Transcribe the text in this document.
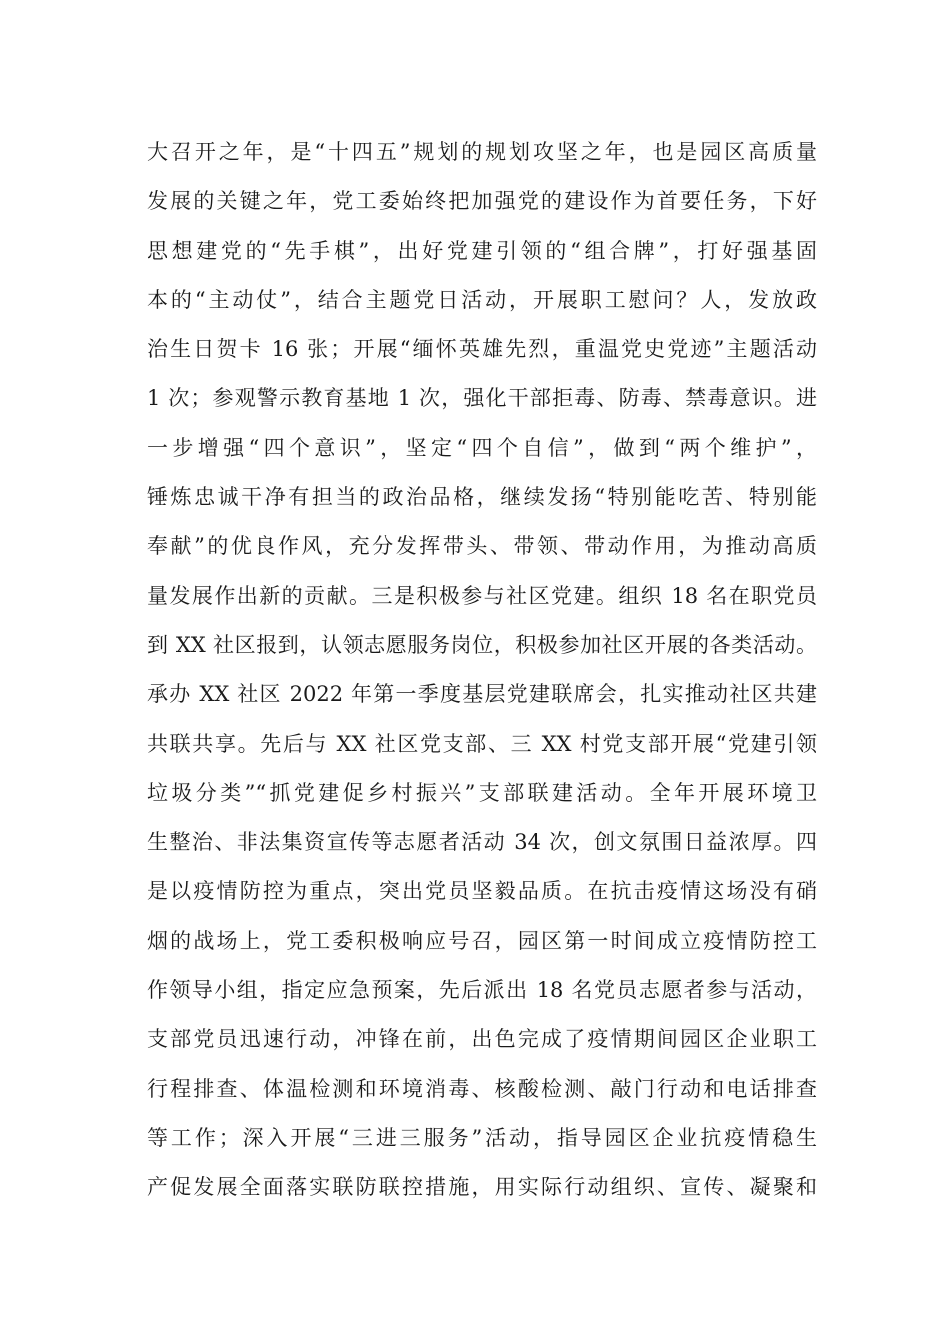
大召开之年，是“十四五”规划的规划攻坚之年，也是园区高质量
发展的关键之年，党工委始终把加强党的建设作为首要任务，下好
思想建党的“先手棋”，出好党建引领的“组合牌”，打好强基固
本的“主动仗”，结合主题党日活动，开展职工慰问？人，发放政
治生日贺卡 16 张；开展“缅怀英雄先烈，重温党史党迹”主题活动
1 次；参观警示教育基地 1 次，强化干部拒毒、防毒、禁毒意识。进
一步增强“四个意识”，坚定“四个自信”，做到“两个维护”，
锤炼忠诚干净有担当的政治品格，继续发扬“特别能吃苦、特别能
奉献”的优良作风，充分发挥带头、带领、带动作用，为推动高质
量发展作出新的贡献。三是积极参与社区党建。组织 18 名在职党员
到 XX 社区报到，认领志愿服务岗位，积极参加社区开展的各类活动。
承办 XX 社区 2022 年第一季度基层党建联席会，扎实推动社区共建
共联共享。先后与 XX 社区党支部、三 XX 村党支部开展“党建引领
垃圾分类”“抓党建促乡村振兴”支部联建活动。全年开展环境卫
生整治、非法集资宣传等志愿者活动 34 次，创文氛围日益浓厚。四
是以疫情防控为重点，突出党员坚毅品质。在抗击疫情这场没有硝
烟的战场上，党工委积极响应号召，园区第一时间成立疫情防控工
作领导小组，指定应急预案，先后派出 18 名党员志愿者参与活动，
支部党员迅速行动，冲锋在前，出色完成了疫情期间园区企业职工
行程排查、体温检测和环境消毒、核酸检测、敲门行动和电话排查
等工作；深入开展“三进三服务”活动，指导园区企业抗疫情稳生
产促发展全面落实联防联控措施，用实际行动组织、宣传、凝聚和
